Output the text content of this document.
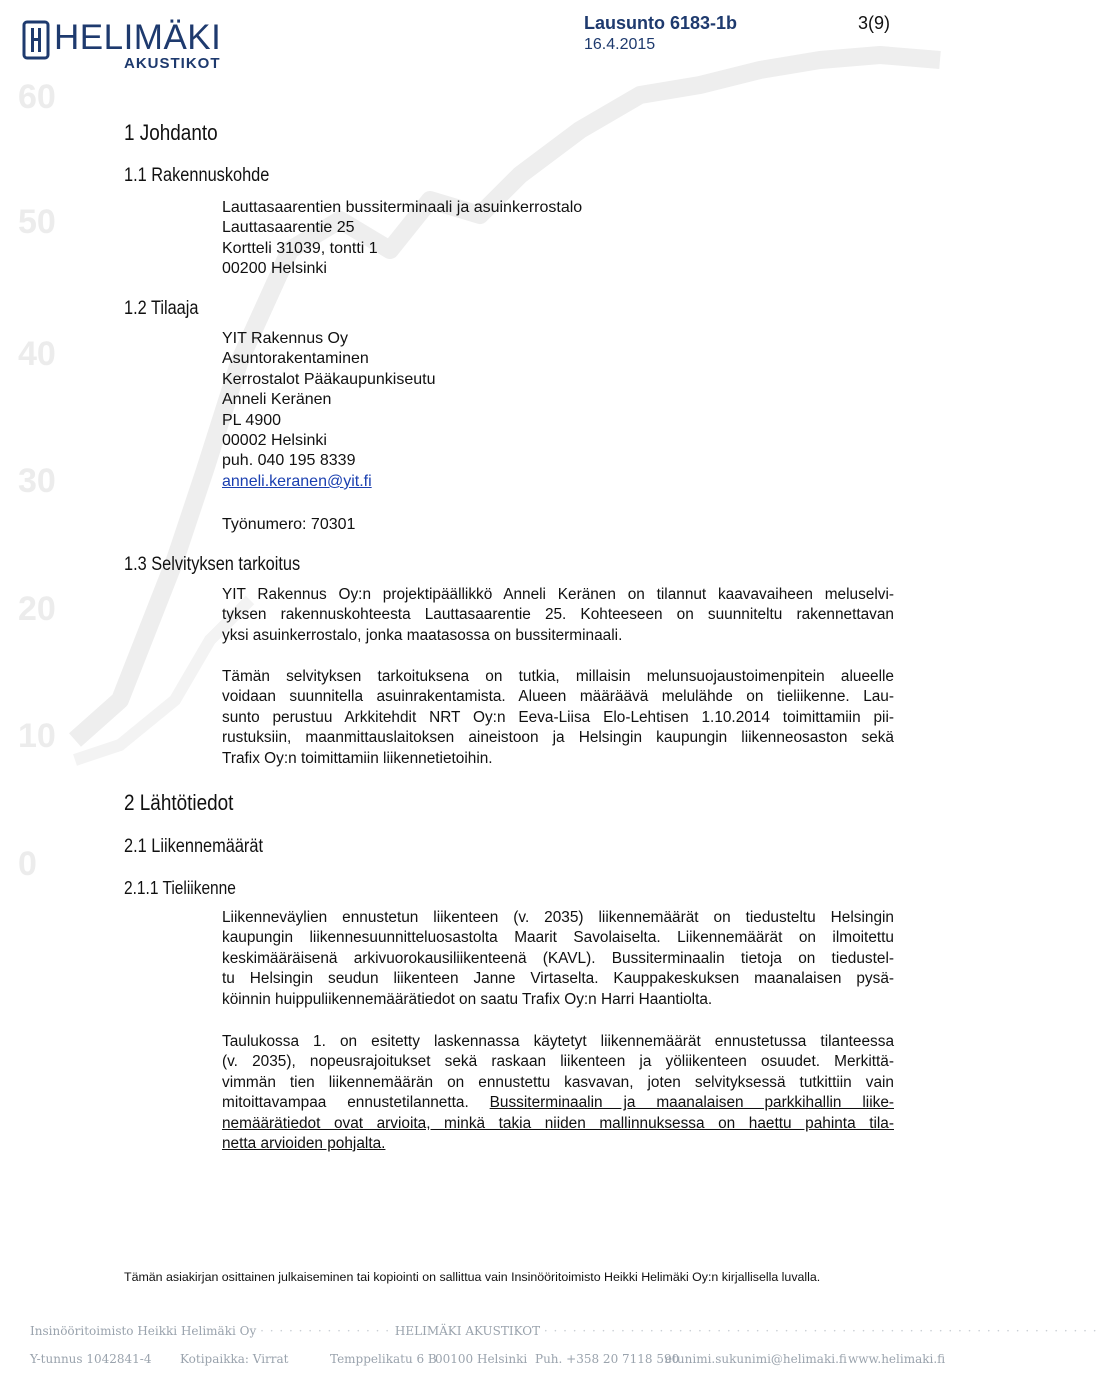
60
50
40
30
20
10
0
HELIMÄKI
AKUSTIKOT
Lausunto 6183-1b
16.4.2015
3(9)
1 Johdanto
1.1 Rakennuskohde
Lauttasaarentien bussiterminaali ja asuinkerrostalo
Lauttasaarentie 25
Kortteli 31039, tontti 1
00200 Helsinki
1.2 Tilaaja
YIT Rakennus Oy
Asuntorakentaminen
Kerrostalot Pääkaupunkiseutu
Anneli Keränen
PL 4900
00002 Helsinki
puh. 040 195 8339
anneli.keranen@yit.fi
Työnumero: 70301
1.3 Selvityksen tarkoitus
YIT Rakennus Oy:n projektipäällikkö Anneli Keränen on tilannut kaavavaiheen meluselvi-
tyksen rakennuskohteesta Lauttasaarentie 25. Kohteeseen on suunniteltu rakennettavan
yksi asuinkerrostalo, jonka maatasossa on bussiterminaali.
Tämän selvityksen tarkoituksena on tutkia, millaisin melunsuojaustoimenpitein alueelle
voidaan suunnitella asuinrakentamista. Alueen määräävä melulähde on tieliikenne. Lau-
sunto perustuu Arkkitehdit NRT Oy:n Eeva-Liisa Elo-Lehtisen 1.10.2014 toimittamiin pii-
rustuksiin, maanmittauslaitoksen aineistoon ja Helsingin kaupungin liikenneosaston sekä
Trafix Oy:n toimittamiin liikennetietoihin.
2 Lähtötiedot
2.1 Liikennemäärät
2.1.1 Tieliikenne
Liikenneväylien ennustetun liikenteen (v. 2035) liikennemäärät on tiedusteltu Helsingin
kaupungin liikennesuunnitteluosastolta Maarit Savolaiselta. Liikennemäärät on ilmoitettu
keskimääräisenä arkivuorokausiliikenteenä (KAVL). Bussiterminaalin tietoja on tiedustel-
tu Helsingin seudun liikenteen Janne Virtaselta. Kauppakeskuksen maanalaisen pysä-
köinnin huippuliikennemäärätiedot on saatu Trafix Oy:n Harri Haantiolta.
Taulukossa 1. on esitetty laskennassa käytetyt liikennemäärät ennustetussa tilanteessa
(v. 2035), nopeusrajoitukset sekä raskaan liikenteen ja yöliikenteen osuudet. Merkittä-
vimmän tien liikennemäärän on ennustettu kasvavan, joten selvityksessä tutkittiin vain
mitoittavampaa ennustetilannetta. Bussiterminaalin ja maanalaisen parkkihallin liike-
nemäärätiedot ovat arvioita, minkä takia niiden mallinnuksessa on haettu pahinta tila-
netta arvioiden pohjalta.
Tämän asiakirjan osittainen julkaiseminen tai kopiointi on sallittua vain Insinööritoimisto Heikki Helimäki Oy:n kirjallisella luvalla.
Insinööritoimisto Heikki Helimäki Oy · · · · · · · · · · · · · · HELIMÄKI AKUSTIKOT · · · · · · · · · · · · · · · · · · · · · · · · · · · · · · · · · · · · · · · · · · · · · · · · · · · · · · · · · ·
Y-tunnus 1042841-4 Kotipaikka: Virrat	Temppelikatu 6 B
00100 Helsinki Puh. +358 20 7118 590
etunimi.sukunimi@helimaki.fi www.helimaki.fi
